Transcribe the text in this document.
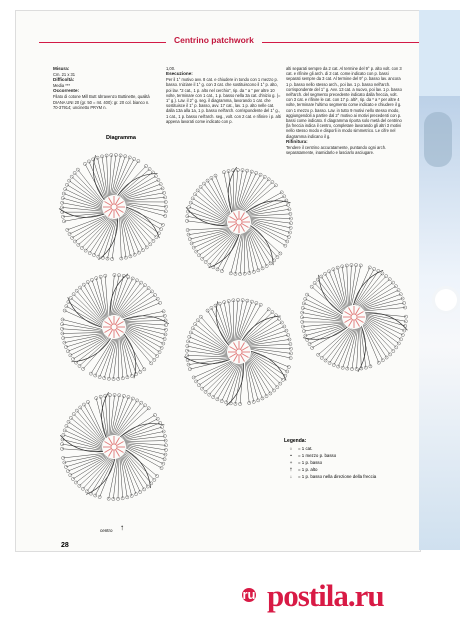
Centrino patchwork
Misura:
Cm. 21 x 31
Difficoltà:
Media ***
Occorrente:
Filato di cotone Mill Butt Idrravenzo Buttinette, qualità DIANA UNI 20 (gr. 50 = mt. 400): gr. 20 col. bianco n. 70-37914; uncinetto PRYM n.
1,00.
Esecuzione:
Per il 1° motivo avv. 8 cat. e chiudere in tondo con 1 mezzo p. basso. Iniziare il 1° g. con 3 cat. che sostituiscono il 1° p. alto, poi lav. "2 cat., 1 p. alto nel cerchio", rip. da " a " per altre 10 volte, terminare con 1 cat., 1 p. basso nella 3a cat. d'inizio g. (= 1° g.). Lav. il 2° g. seg. il diagramma, lavorando 1 cat. che sostituisce il 1° p. basso, avv. 17 cat., lav. 1 p. alto nelle cat. dalla 13a alla 1a, 1 p. basso nell'arch. corrispondente del 1° g., 1 cat., 1 p. basso nell'arch. seg., volt. con 2 cat. e rifinire i p. alti appena lavorati come indicato con p.
alti separati sempre da 2 cat. Al termine del 9° p. alto volt. con 3 cat. e rifinire gli arch. di 2 cat. come indicato con p. bassi separati sempre da 3 cat. Al termine del 9° p. basso lav. ancora 1 p. basso nello stesso arch., poi lav. 1 p. basso nell'arch. corrispondente del 1° g. Avv. 13 cat. a nuovo, poi lav. 1 p. basso nell'arch. del segmento precedente indicato dalla freccia, volt. con 3 cat. e rifinire le cat. con 17 p. alti*, rip. da * a * per altre 4 volte, terminare l'ultimo segmento come indicato e chiudere il g. con 1 mezzo p. basso. Lav. in tutto 9 motivi nello stesso modo, aggiungendoli a partire dal 2° motivo ai motivi precedenti con p. bassi come indicato. Il diagramma riporta solo metà del centrino (la freccia indica il centro, completare lavorando gli altri 3 motivi nello stesso modo e disporli in modo simmetrico. Le cifre nel diagramma indicano il g.
Rifinitura:
Tendere il centrino accuratamente, puntando ogni arch. separatamente, inamidarlo e lasciarlo asciugare.
Diagramma
Legenda:
○ = 1 cat.
• = 1 mezzo p. basso
+ = 1 p. basso
† = 1 p. alto
↓ = 1 p. basso nella direzione della freccia
centro ↑
28
ru postila.ru
